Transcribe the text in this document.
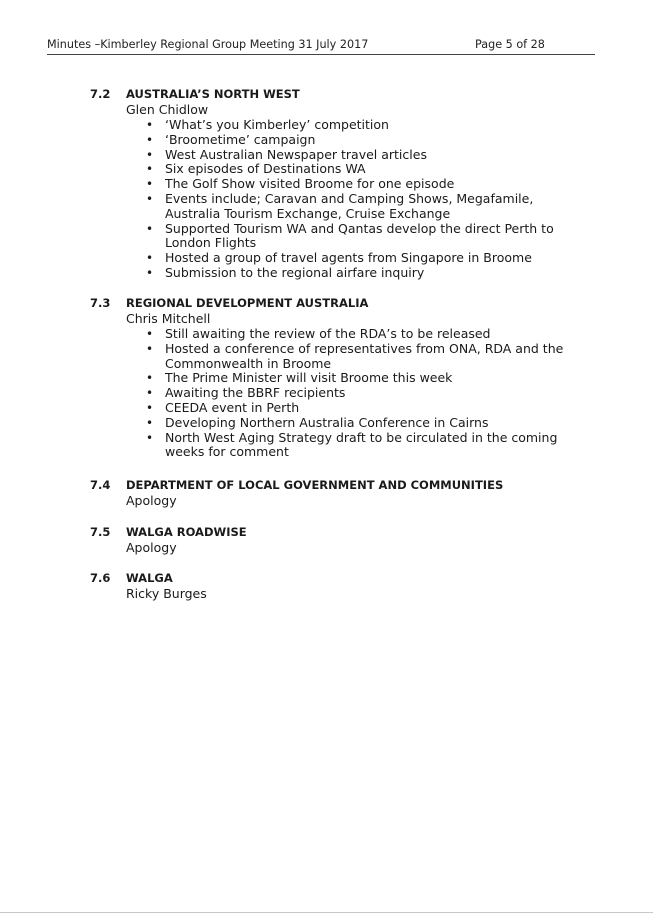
Minutes –Kimberley Regional Group Meeting 31 July 2017	Page 5 of 28
7.2 AUSTRALIA’S NORTH WEST
Glen Chidlow
• ‘What’s you Kimberley’ competition
• ‘Broometime’ campaign
• West Australian Newspaper travel articles
• Six episodes of Destinations WA
• The Golf Show visited Broome for one episode
• Events include; Caravan and Camping Shows, Megafamile, Australia Tourism Exchange, Cruise Exchange
• Supported Tourism WA and Qantas develop the direct Perth to London Flights
• Hosted a group of travel agents from Singapore in Broome
• Submission to the regional airfare inquiry
7.3 REGIONAL DEVELOPMENT AUSTRALIA
Chris Mitchell
• Still awaiting the review of the RDA’s to be released
• Hosted a conference of representatives from ONA, RDA and the Commonwealth in Broome
• The Prime Minister will visit Broome this week
• Awaiting the BBRF recipients
• CEEDA event in Perth
• Developing Northern Australia Conference in Cairns
• North West Aging Strategy draft to be circulated in the coming weeks for comment
7.4 DEPARTMENT OF LOCAL GOVERNMENT AND COMMUNITIES
Apology
7.5 WALGA ROADWISE
Apology
7.6 WALGA
Ricky Burges
